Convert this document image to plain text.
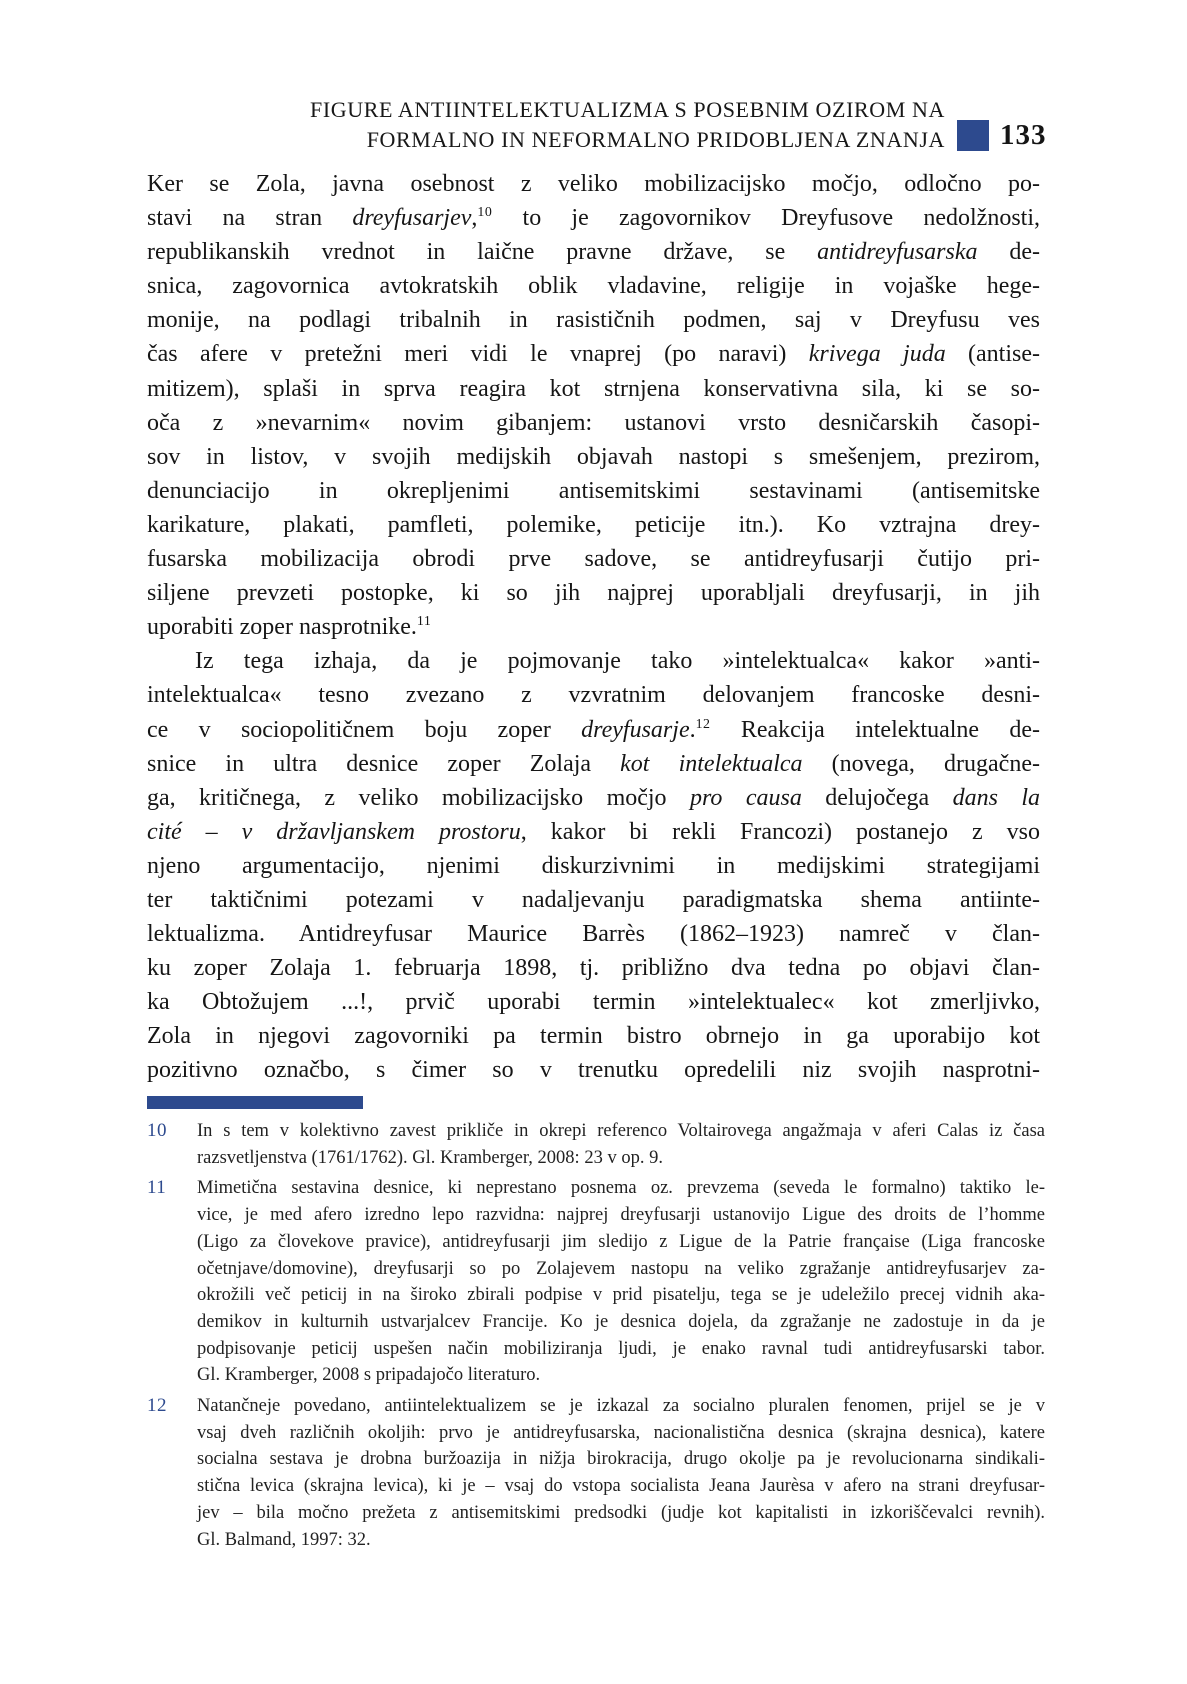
FIGURE ANTIINTELEKTUALIZMA S POSEBNIM OZIROM NA
FORMALNO IN NEFORMALNO PRIDOBLJENA ZNANJA 133
Ker se Zola, javna osebnost z veliko mobilizacijsko močjo, odločno po-
stavi na stran dreyfusarjev,$^{10}$ to je zagovornikov Dreyfusove nedolžnosti,
republikanskih vrednot in laične pravne države, se antidreyfusarska de-
snica, zagovornica avtokratskih oblik vladavine, religije in vojaške hege-
monije, na podlagi tribalnih in rasističnih podmen, saj v Dreyfusu ves
čas afere v pretežni meri vidi le vnaprej (po naravi) krivega juda (antise-
mitizem), splaši in sprva reagira kot strnjena konservativna sila, ki se so-
oča z »nevarnim« novim gibanjem: ustanovi vrsto desničarskih časopi-
sov in listov, v svojih medijskih objavah nastopi s smešenjem, prezirom,
denunciacijo in okrepljenimi antisemitskimi sestavinami (antisemitske
karikature, plakati, pamfleti, polemike, peticije itn.). Ko vztrajna drey-
fusarska mobilizacija obrodi prve sadove, se antidreyfusarji čutijo pri-
siljene prevzeti postopke, ki so jih najprej uporabljali dreyfusarji, in jih
uporabiti zoper nasprotnike.$^{11}$
Iz tega izhaja, da je pojmovanje tako »intelektualca« kakor »anti-
intelektualca« tesno zvezano z vzvratnim delovanjem francoske desni-
ce v sociopolitičnem boju zoper dreyfusarje.$^{12}$ Reakcija intelektualne de-
snice in ultra desnice zoper Zolaja kot intelektualca (novega, drugačne-
ga, kritičnega, z veliko mobilizacijsko močjo pro causa delujočega dans la
cité – v državljanskem prostoru, kakor bi rekli Francozi) postanejo z vso
njeno argumentacijo, njenimi diskurzivnimi in medijskimi strategijami
ter taktičnimi potezami v nadaljevanju paradigmatska shema antiinte-
lektualizma. Antidreyfusar Maurice Barrès (1862–1923) namreč v član-
ku zoper Zolaja 1. februarja 1898, tj. približno dva tedna po objavi član-
ka Obtožujem ...!, prvič uporabi termin »intelektualec« kot zmerljivko,
Zola in njegovi zagovorniki pa termin bistro obrnejo in ga uporabijo kot
pozitivno označbo, s čimer so v trenutku opredelili niz svojih nasprotni-
10	In s tem v kolektivno zavest prikliče in okrepi referenco Voltairovega angažmaja v aferi Calas iz časa
razsvetljenstva (1761/1762). Gl. Kramberger, 2008: 23 v op. 9.
11	Mimetična sestavina desnice, ki neprestano posnema oz. prevzema (seveda le formalno) taktiko le-
vice, je med afero izredno lepo razvidna: najprej dreyfusarji ustanovijo Ligue des droits de l’homme
(Ligo za človekove pravice), antidreyfusarji jim sledijo z Ligue de la Patrie française (Liga francoske
očetnjave/domovine), dreyfusarji so po Zolajevem nastopu na veliko zgražanje antidreyfusarjev za-
okrožili več peticij in na široko zbirali podpise v prid pisatelju, tega se je udeležilo precej vidnih aka-
demikov in kulturnih ustvarjalcev Francije. Ko je desnica dojela, da zgražanje ne zadostuje in da je
podpisovanje peticij uspešen način mobiliziranja ljudi, je enako ravnal tudi antidreyfusarski tabor.
Gl. Kramberger, 2008 s pripadajočo literaturo.
12	Natančneje povedano, antiintelektualizem se je izkazal za socialno pluralen fenomen, prijel se je v
vsaj dveh različnih okoljih: prvo je antidreyfusarska, nacionalistična desnica (skrajna desnica), katere
socialna sestava je drobna buržoazija in nižja birokracija, drugo okolje pa je revolucionarna sindikali-
stična levica (skrajna levica), ki je – vsaj do vstopa socialista Jeana Jaurèsa v afero na strani dreyfusar-
jev – bila močno prežeta z antisemitskimi predsodki (judje kot kapitalisti in izkoriščevalci revnih).
Gl. Balmand, 1997: 32.
